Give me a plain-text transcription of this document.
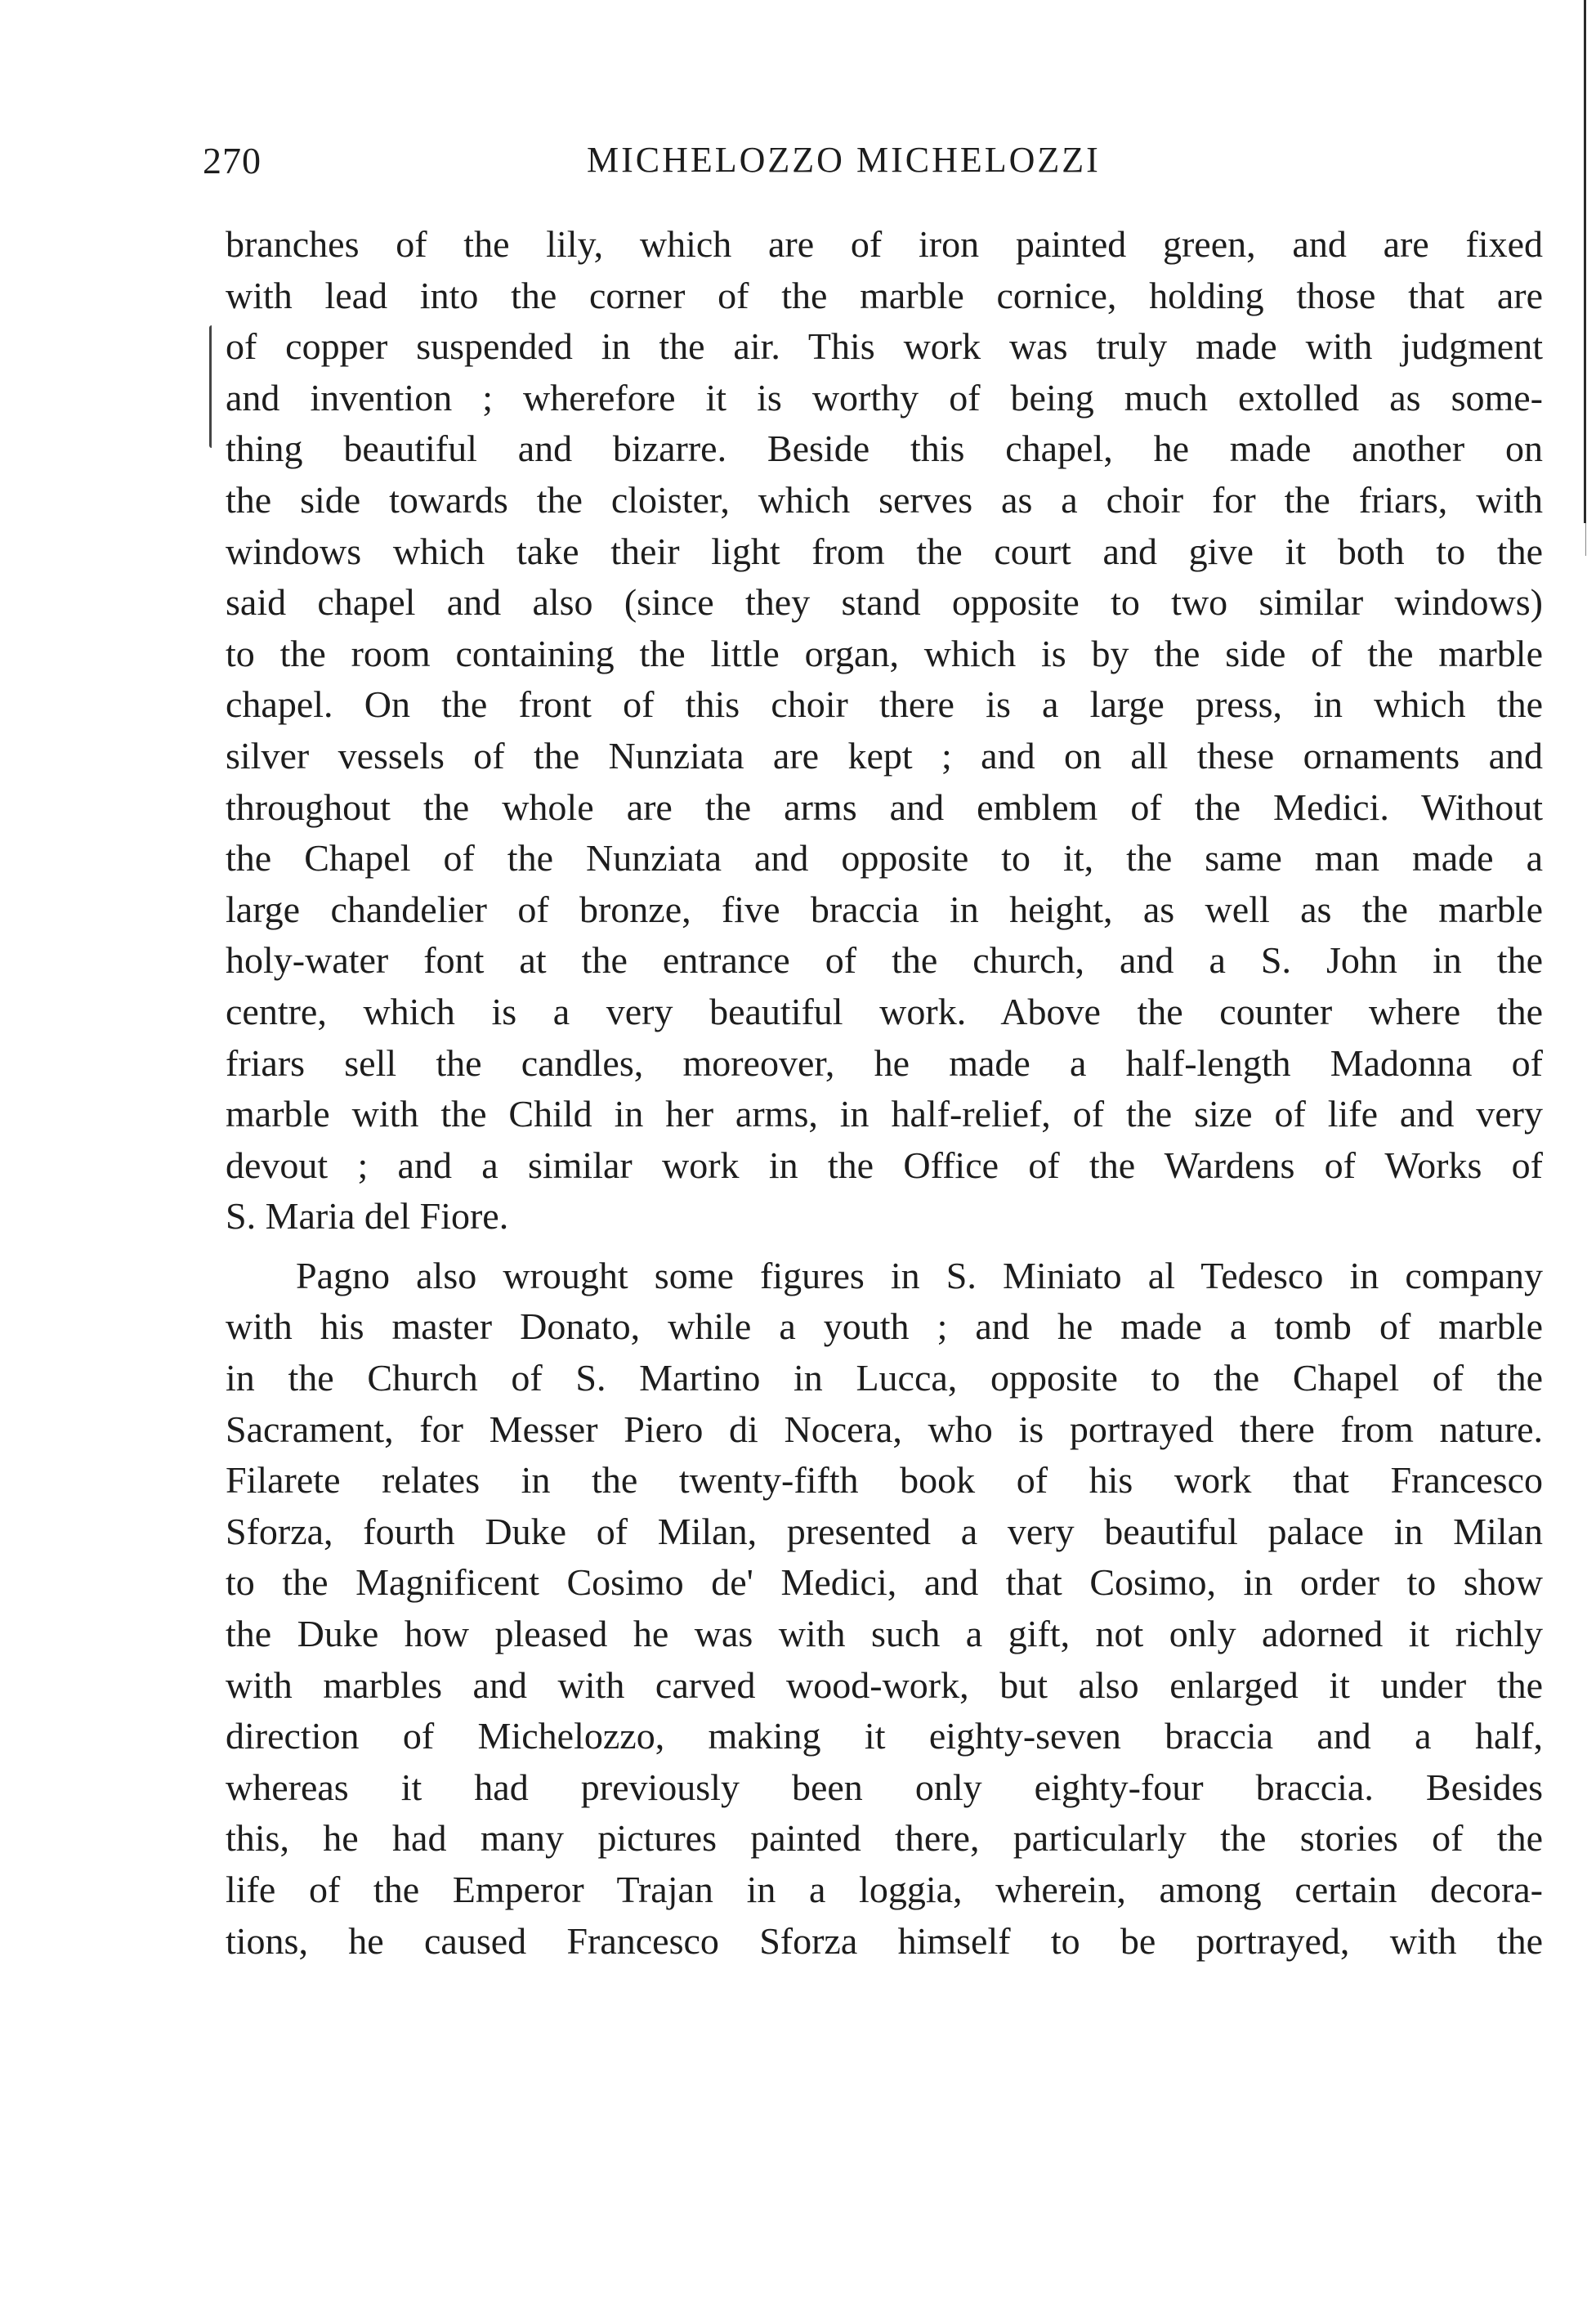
270	MICHELOZZO MICHELOZZI
branches of the lily, which are of iron painted green, and are fixed
with lead into the corner of the marble cornice, holding those that are
of copper suspended in the air. This work was truly made with judgment
and invention ; wherefore it is worthy of being much extolled as some-
thing beautiful and bizarre. Beside this chapel, he made another on
the side towards the cloister, which serves as a choir for the friars, with
windows which take their light from the court and give it both to the
said chapel and also (since they stand opposite to two similar windows)
to the room containing the little organ, which is by the side of the marble
chapel. On the front of this choir there is a large press, in which the
silver vessels of the Nunziata are kept ; and on all these ornaments and
throughout the whole are the arms and emblem of the Medici. Without
the Chapel of the Nunziata and opposite to it, the same man made a
large chandelier of bronze, five braccia in height, as well as the marble
holy-water font at the entrance of the church, and a S. John in the
centre, which is a very beautiful work. Above the counter where the
friars sell the candles, moreover, he made a half-length Madonna of
marble with the Child in her arms, in half-relief, of the size of life and very
devout ; and a similar work in the Office of the Wardens of Works of
S. Maria del Fiore.
Pagno also wrought some figures in S. Miniato al Tedesco in company
with his master Donato, while a youth ; and he made a tomb of marble
in the Church of S. Martino in Lucca, opposite to the Chapel of the
Sacrament, for Messer Piero di Nocera, who is portrayed there from nature.
Filarete relates in the twenty-fifth book of his work that Francesco
Sforza, fourth Duke of Milan, presented a very beautiful palace in Milan
to the Magnificent Cosimo de' Medici, and that Cosimo, in order to show
the Duke how pleased he was with such a gift, not only adorned it richly
with marbles and with carved wood-work, but also enlarged it under the
direction of Michelozzo, making it eighty-seven braccia and a half,
whereas it had previously been only eighty-four braccia. Besides
this, he had many pictures painted there, particularly the stories of the
life of the Emperor Trajan in a loggia, wherein, among certain decora-
tions, he caused Francesco Sforza himself to be portrayed, with the
